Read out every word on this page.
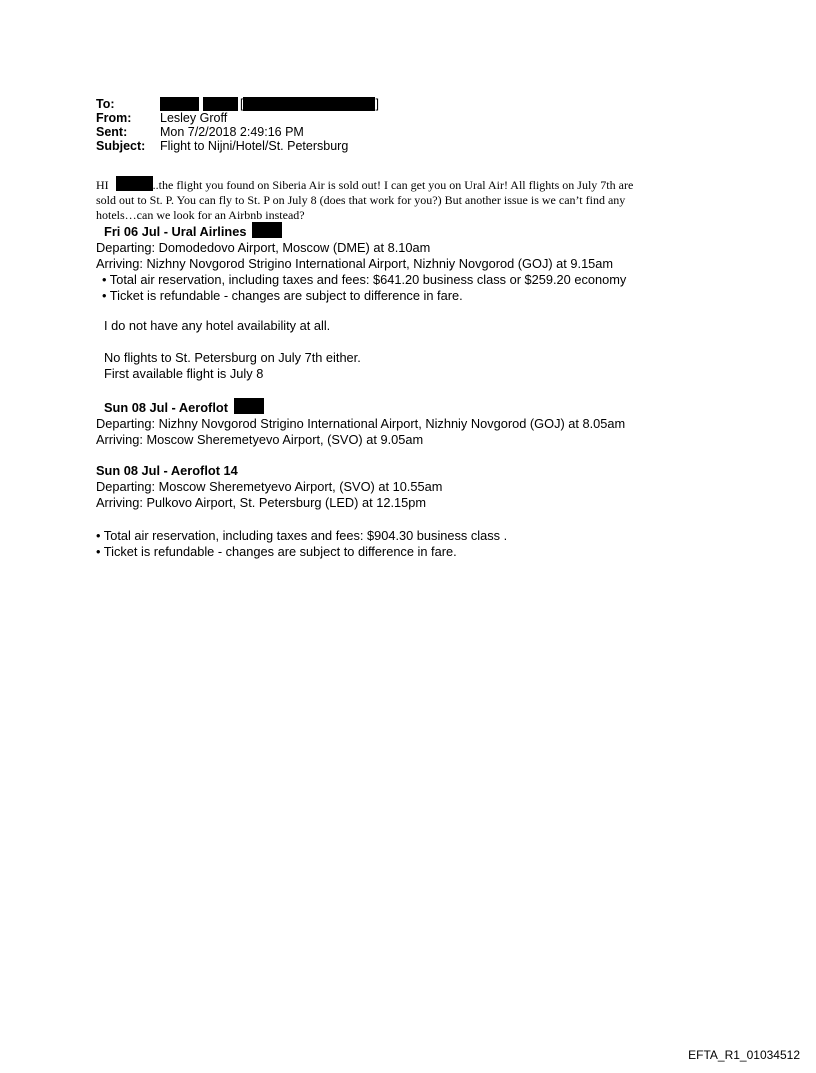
To:	[	]
From:	Lesley Groff
Sent:	Mon 7/2/2018 2:49:16 PM
Subject:	Flight to Nijni/Hotel/St. Petersburg
HI	..the flight you found on Siberia Air is sold out! I can get you on Ural Air! All flights on July 7th are
sold out to St. P. You can fly to St. P on July 8 (does that work for you?) But another issue is we can’t find any
hotels…can we look for an Airbnb instead?
Fri 06 Jul - Ural Airlines
Departing: Domodedovo Airport, Moscow (DME) at 8.10am
Arriving: Nizhny Novgorod Strigino International Airport, Nizhniy Novgorod (GOJ) at 9.15am
• Total air reservation, including taxes and fees: $641.20 business class or $259.20 economy
• Ticket is refundable - changes are subject to difference in fare.
I do not have any hotel availability at all.
No flights to St. Petersburg on July 7th either.
First available flight is July 8
Sun 08 Jul - Aeroflot
Departing: Nizhny Novgorod Strigino International Airport, Nizhniy Novgorod (GOJ) at 8.05am
Arriving: Moscow Sheremetyevo Airport, (SVO) at 9.05am
Sun 08 Jul - Aeroflot 14
Departing: Moscow Sheremetyevo Airport, (SVO) at 10.55am
Arriving: Pulkovo Airport, St. Petersburg (LED) at 12.15pm
• Total air reservation, including taxes and fees: $904.30 business class .
• Ticket is refundable - changes are subject to difference in fare.
EFTA_R1_01034512
